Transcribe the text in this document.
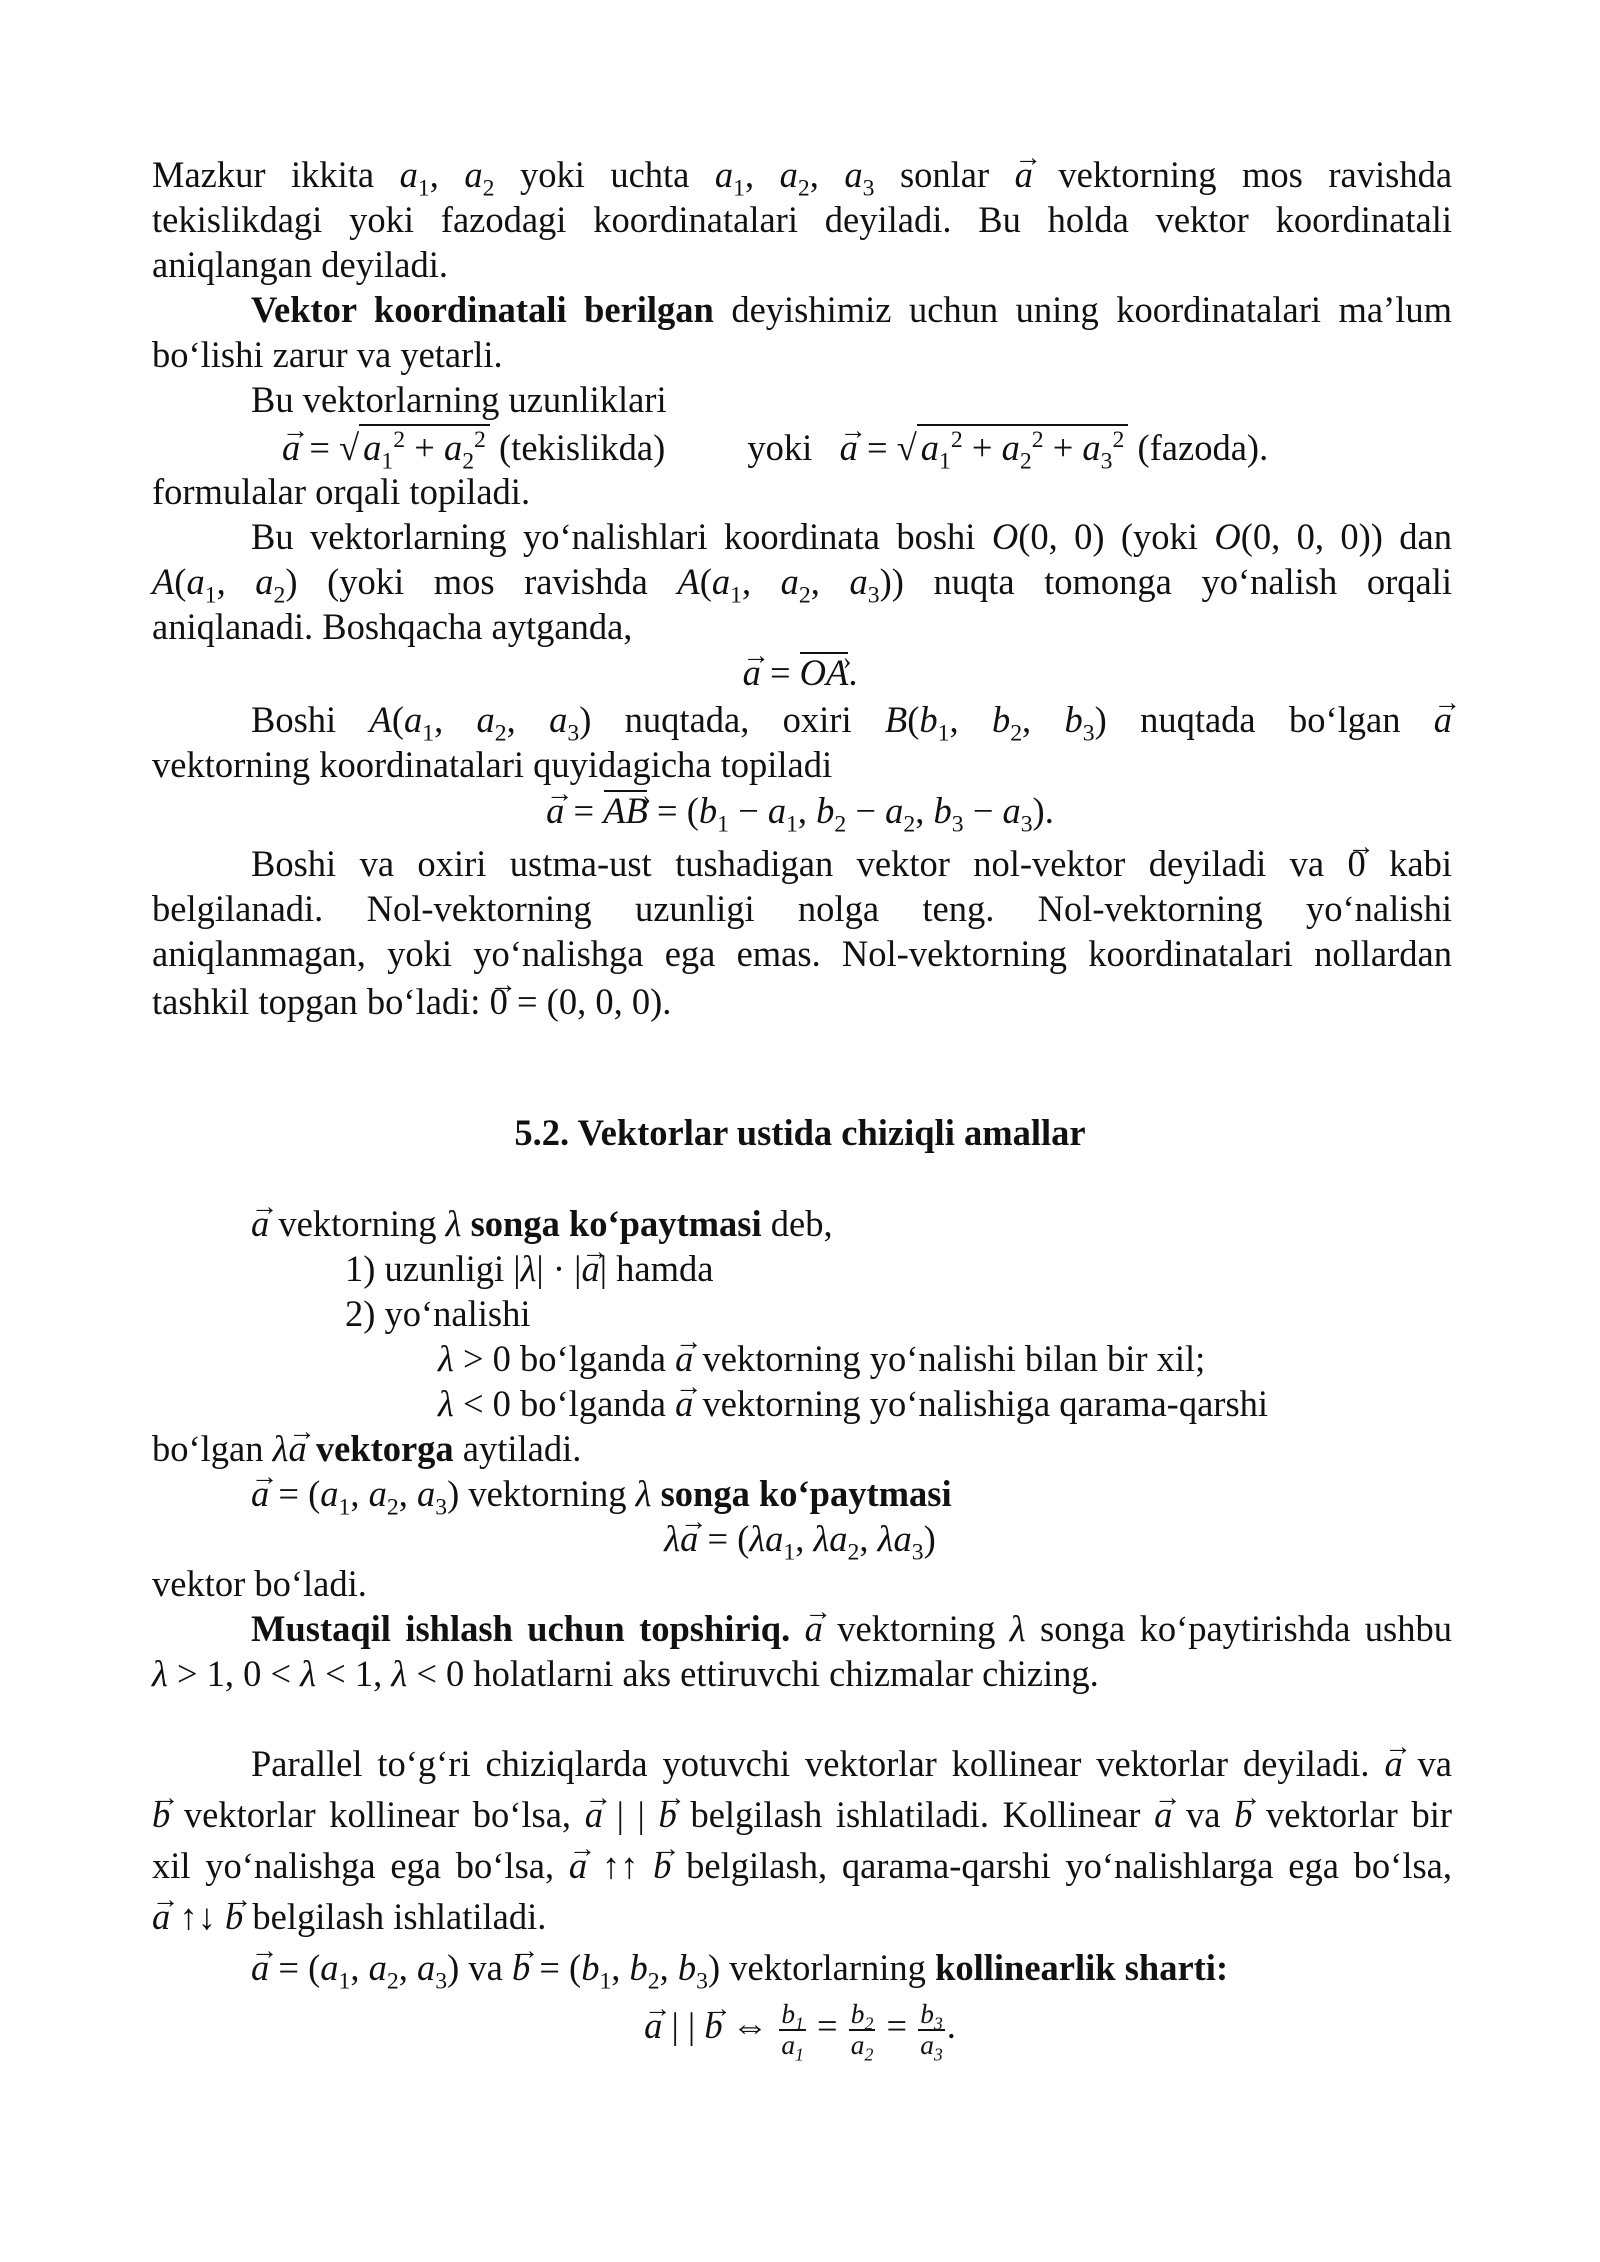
Mazkur ikkita $a_1$, $a_2$ yoki uchta $a_1$, $a_2$, $a_3$ sonlar → a vektorning mos ravishda
tekislikdagi yoki fazodagi koordinatalari deyiladi. Bu holda vektor koordinatali
aniqlangan deyiladi.
Vektor koordinatali berilgan deyishimiz uchun uning koordinatalari ma’lum
bo‘lishi zarur va yetarli.
Bu vektorlarning uzunliklari
→ a = √ $a_1^2 + a_2^2$ (tekislikda)         yoki   → a = √ $a_1^2 + a_2^2 + a_3^2$ (fazoda).
formulalar orqali topiladi.
Bu vektorlarning yo‘nalishlari koordinata boshi O(0, 0) (yoki O(0, 0, 0)) dan
$A(a_1$, $a_2$) (yoki mos ravishda $A(a_1$, $a_2$, $a_3$)) nuqta tomonga yo‘nalish orqali
aniqlanadi. Boshqacha aytganda,
→ a = OA ›.
Boshi $A(a_1$, $a_2$, $a_3$) nuqtada, oxiri $B(b_1$, $b_2$, $b_3$) nuqtada bo‘lgan → a
vektorning koordinatalari quyidagicha topiladi
→ a = AB › = ($b_1 - a_1$, $b_2 - a_2$, $b_3 - a_3$).
Boshi va oxiri ustma-ust tushadigan vektor nol-vektor deyiladi va → 0 kabi
belgilanadi. Nol-vektorning uzunligi nolga teng. Nol-vektorning yo‘nalishi
aniqlanmagan, yoki yo‘nalishga ega emas. Nol-vektorning koordinatalari nollardan
tashkil topgan bo‘ladi: → 0 = (0, 0, 0).
5.2. Vektorlar ustida chiziqli amallar
→ a vektorning λ songa ko‘paytmasi deb,
1) uzunligi |λ| · |→ a| hamda
2) yo‘nalishi
λ > 0 bo‘lganda → a vektorning yo‘nalishi bilan bir xil;
λ < 0 bo‘lganda → a vektorning yo‘nalishiga qarama-qarshi
bo‘lgan λ→ a vektorga aytiladi.
→ $a = (a_1$, $a_2$, $a_3$) vektorning λ songa ko‘paytmasi
$\lambda\to a = (\lambda a_1$, $\lambda a_2$, $\lambda a_3$)
vektor bo‘ladi.
Mustaqil ishlash uchun topshiriq. → a vektorning λ songa ko‘paytirishda ushbu
λ > 1, 0 < λ < 1, λ < 0 holatlarni aks ettiruvchi chizmalar chizing.
Parallel to‘g‘ri chiziqlarda yotuvchi vektorlar kollinear vektorlar deyiladi. → a va
→ b vektorlar kollinear bo‘lsa, → a | | → b belgilash ishlatiladi. Kollinear → a va → b vektorlar bir
xil yo‘nalishga ega bo‘lsa, → a ↑↑ → b belgilash, qarama-qarshi yo‘nalishlarga ega bo‘lsa,
→ a ↑↓ → b belgilash ishlatiladi.
→ $a = (a_1$, $a_2$, $a_3$) va → $b = (b_1$, $b_2$, $b_3$) vektorlarning kollinearlik sharti:
→ a | | → b ⇔ $\frac{b_1}{a_1} = \frac{b_2}{a_2} = \frac{b_3}{a_3}$ .
